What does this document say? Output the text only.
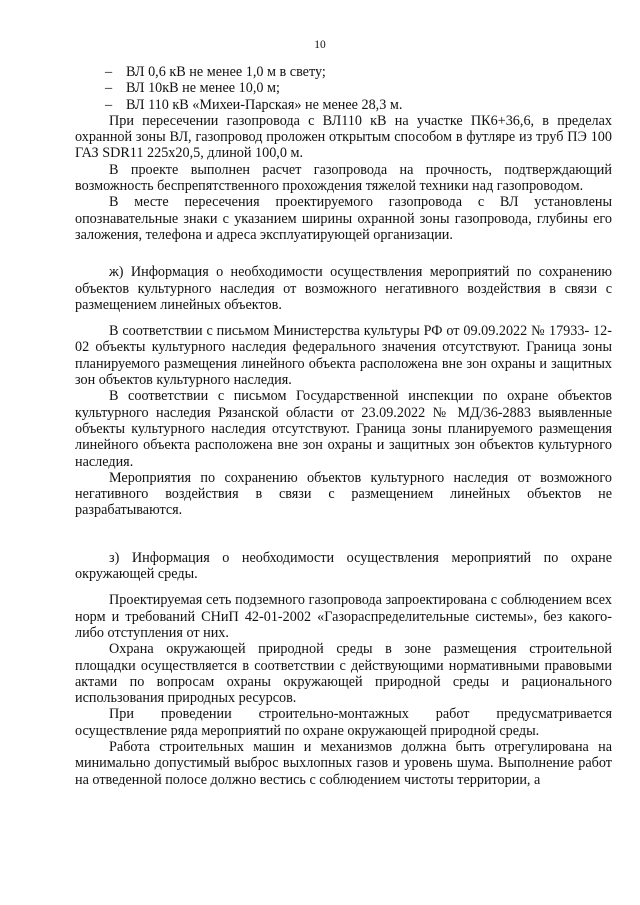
10
– ВЛ 0,6 кВ не менее 1,0 м в свету;
– ВЛ 10кВ не менее 10,0 м;
– ВЛ 110 кВ «Михеи-Парская» не менее 28,3 м.

При пересечении газопровода с ВЛ110 кВ на участке ПК6+36,6, в пределах охранной зоны ВЛ, газопровод проложен открытым способом в футляре из труб ПЭ 100 ГАЗ SDR11 225х20,5, длиной 100,0 м.

В проекте выполнен расчет газопровода на прочность, подтверждающий возможность беспрепятственного прохождения тяжелой техники над газопроводом.

В месте пересечения проектируемого газопровода с ВЛ установлены опознавательные знаки с указанием ширины охранной зоны газопровода, глубины его заложения, телефона и адреса эксплуатирующей организации.

ж) Информация о необходимости осуществления мероприятий по сохранению объектов культурного наследия от возможного негативного воздействия в связи с размещением линейных объектов.

В соответствии с письмом Министерства культуры РФ от 09.09.2022 № 17933- 12-02 объекты культурного наследия федерального значения отсутствуют. Граница зоны планируемого размещения линейного объекта расположена вне зон охраны и защитных зон объектов культурного наследия.

В соответствии с письмом Государственной инспекции по охране объектов культурного наследия Рязанской области от 23.09.2022 № МД/36-2883 выявленные объекты культурного наследия отсутствуют. Граница зоны планируемого размещения линейного объекта расположена вне зон охраны и защитных зон объектов культурного наследия.

Мероприятия по сохранению объектов культурного наследия от возможного негативного воздействия в связи с размещением линейных объектов не разрабатываются.

з) Информация о необходимости осуществления мероприятий по охране окружающей среды.

Проектируемая сеть подземного газопровода запроектирована с соблюдением всех норм и требований СНиП 42-01-2002 «Газораспределительные системы», без какого-либо отступления от них.

Охрана окружающей природной среды в зоне размещения строительной площадки осуществляется в соответствии с действующими нормативными правовыми актами по вопросам охраны окружающей природной среды и рационального использования природных ресурсов.

При проведении строительно-монтажных работ предусматривается осуществление ряда мероприятий по охране окружающей природной среды.

Работа строительных машин и механизмов должна быть отрегулирована на минимально допустимый выброс выхлопных газов и уровень шума. Выполнение работ на отведенной полосе должно вестись с соблюдением чистоты территории, а
